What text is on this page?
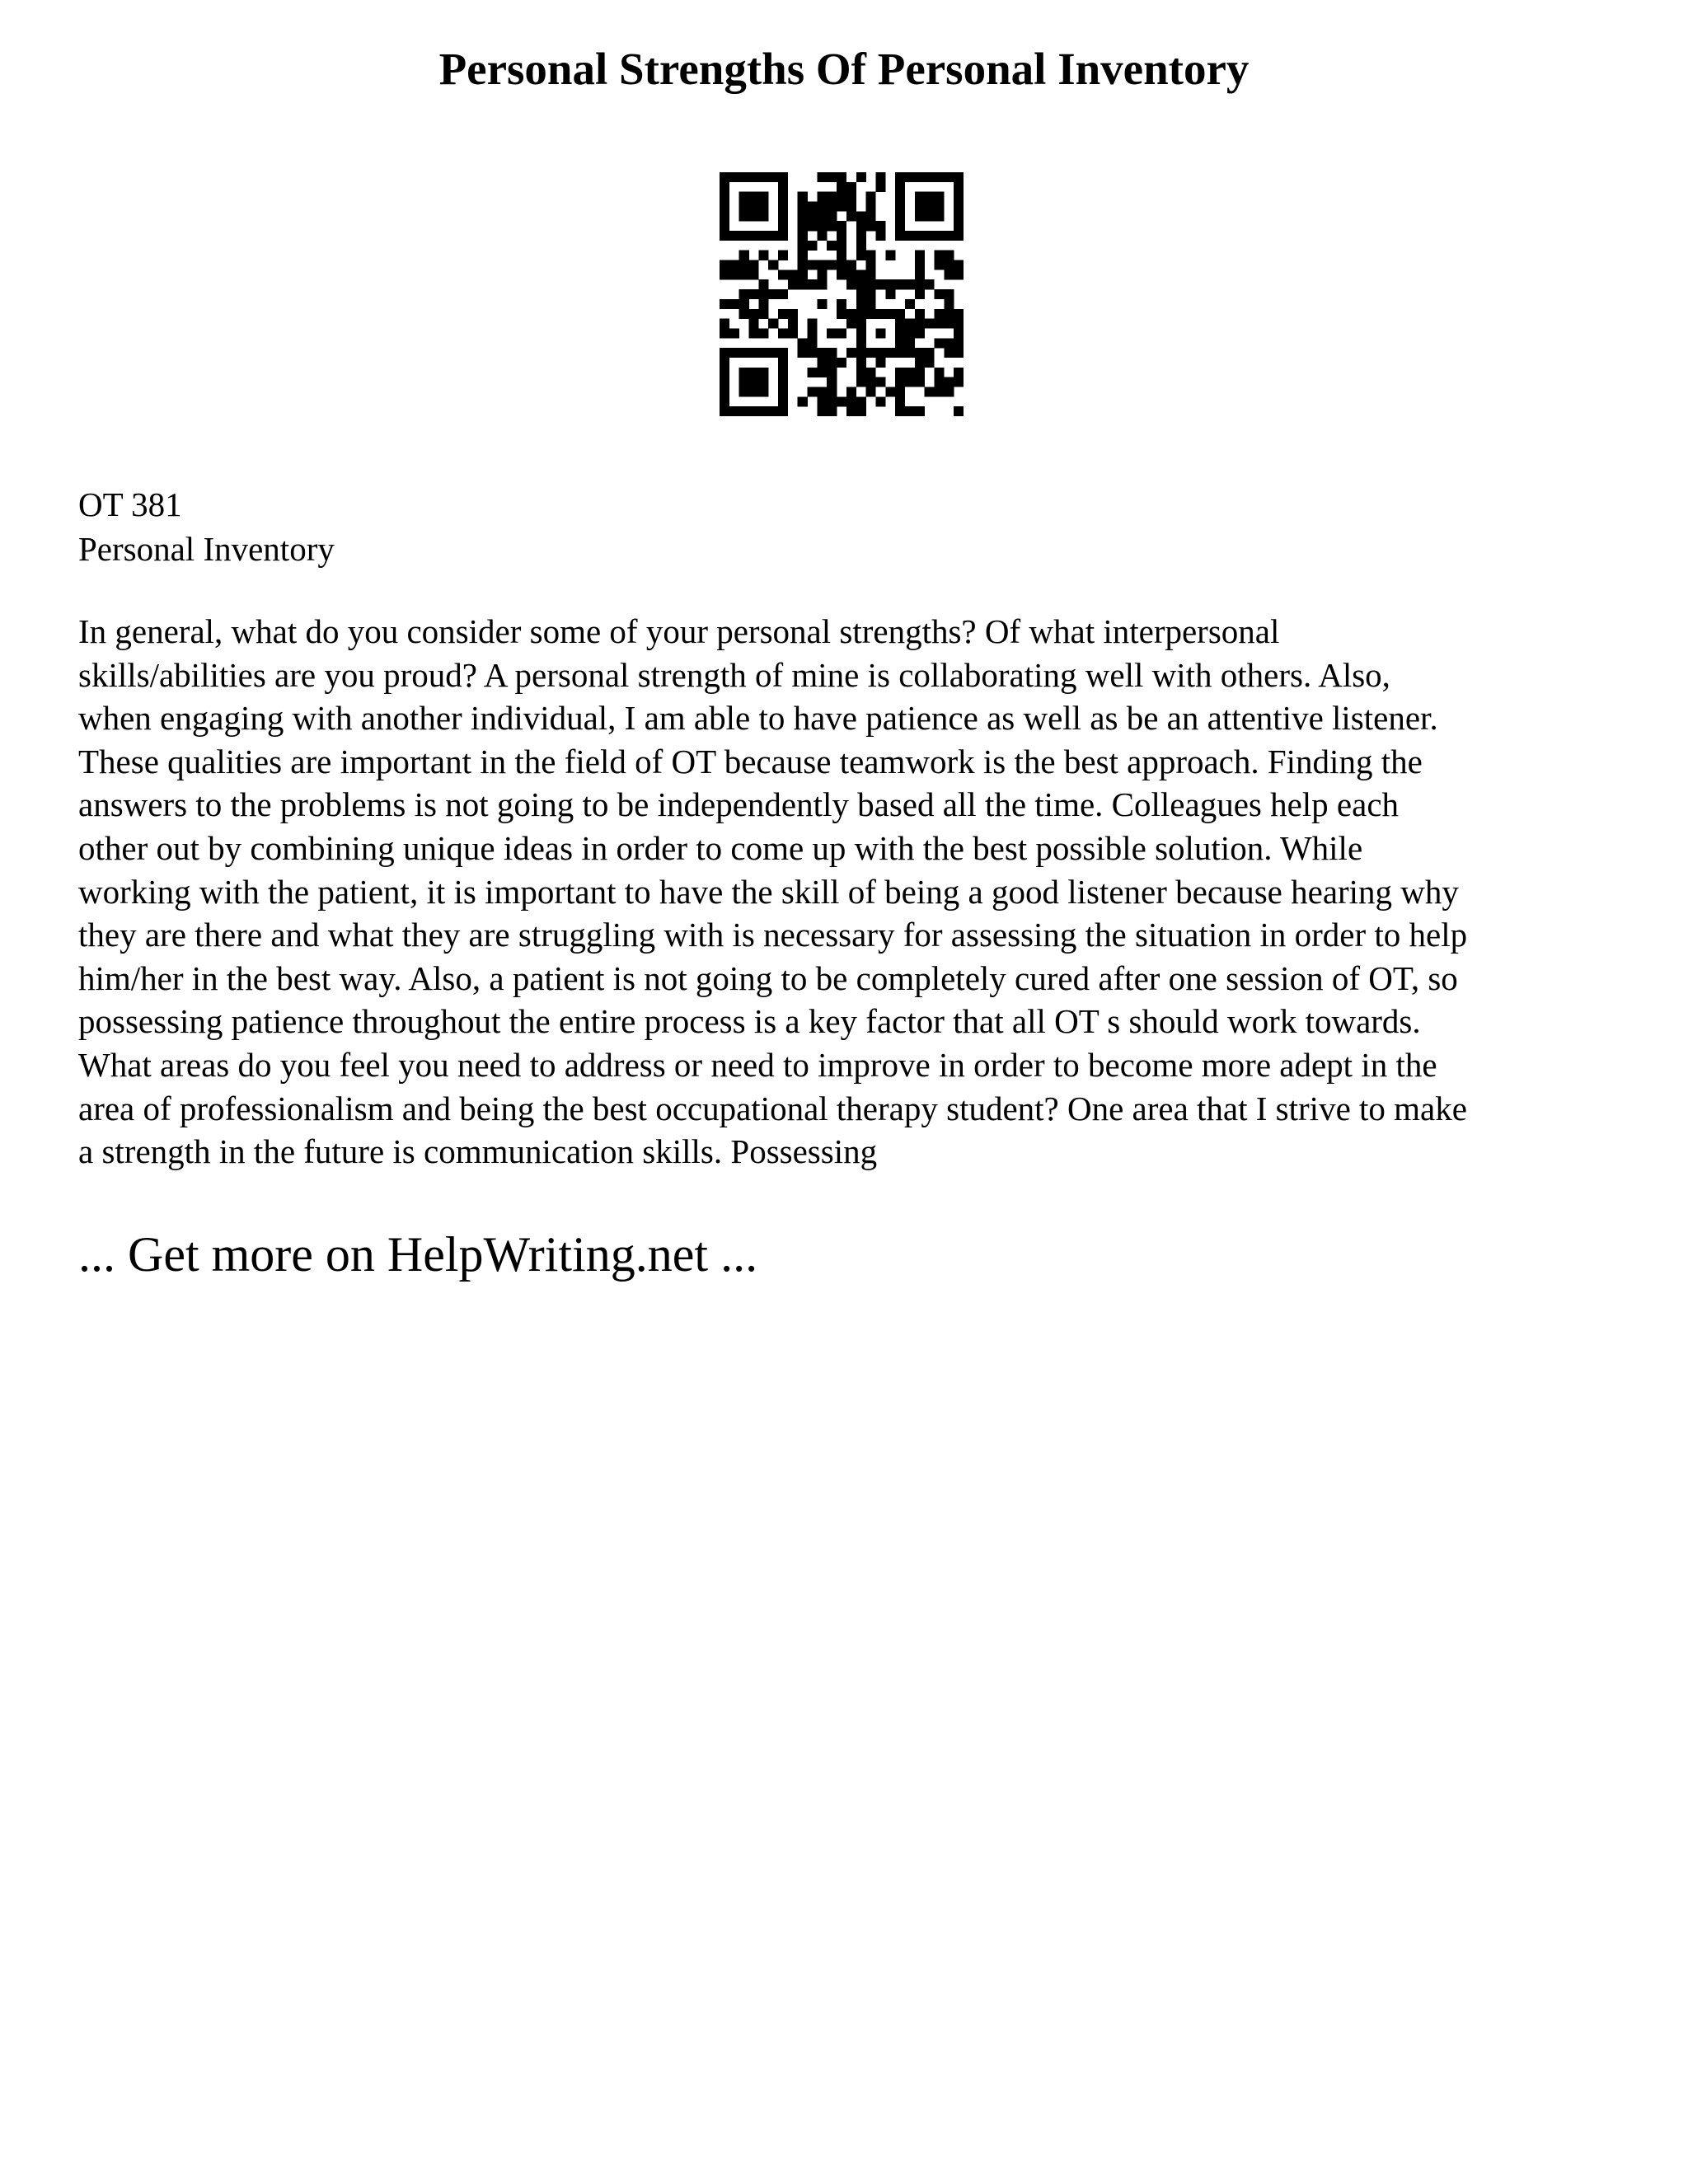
Personal Strengths Of Personal Inventory
OT 381
Personal Inventory
In general, what do you consider some of your personal strengths? Of what interpersonal
skills/abilities are you proud? A personal strength of mine is collaborating well with others. Also,
when engaging with another individual, I am able to have patience as well as be an attentive listener.
These qualities are important in the field of OT because teamwork is the best approach. Finding the
answers to the problems is not going to be independently based all the time. Colleagues help each
other out by combining unique ideas in order to come up with the best possible solution. While
working with the patient, it is important to have the skill of being a good listener because hearing why
they are there and what they are struggling with is necessary for assessing the situation in order to help
him/her in the best way. Also, a patient is not going to be completely cured after one session of OT, so
possessing patience throughout the entire process is a key factor that all OT s should work towards.
What areas do you feel you need to address or need to improve in order to become more adept in the
area of professionalism and being the best occupational therapy student? One area that I strive to make
a strength in the future is communication skills. Possessing
... Get more on HelpWriting.net ...
